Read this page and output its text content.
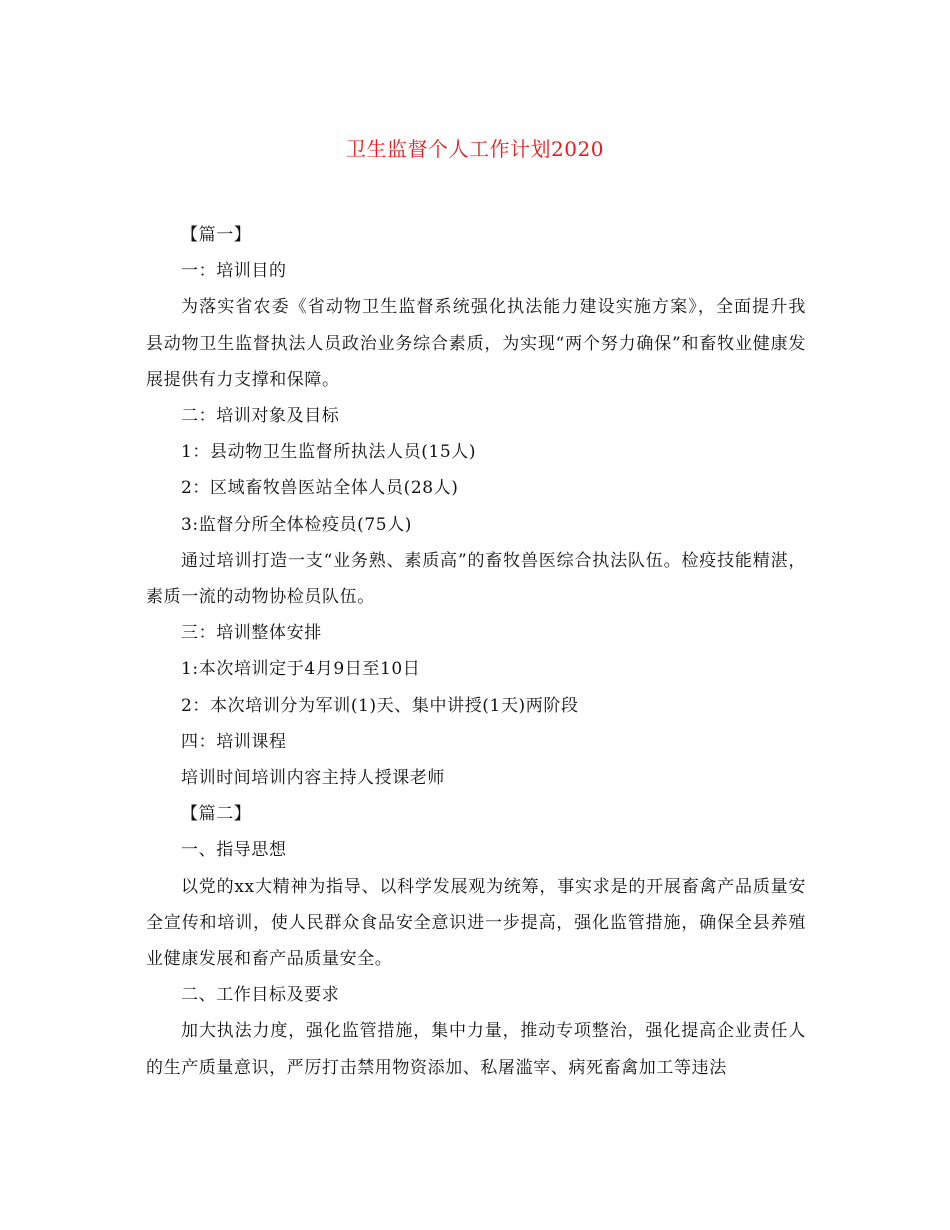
卫生监督个人工作计划2020

【篇一】

一：培训目的

为落实省农委《省动物卫生监督系统强化执法能力建设实施方案》，全面提升我县动物卫生监督执法人员政治业务综合素质，为实现“两个努力确保”和畜牧业健康发展提供有力支撑和保障。

二：培训对象及目标

1：县动物卫生监督所执法人员(15人)

2：区域畜牧兽医站全体人员(28人)

3:监督分所全体检疫员(75人)

通过培训打造一支“业务熟、素质高”的畜牧兽医综合执法队伍。检疫技能精湛，素质一流的动物协检员队伍。

三：培训整体安排

1:本次培训定于4月9日至10日

2：本次培训分为军训(1)天、集中讲授(1天)两阶段

四：培训课程

培训时间培训内容主持人授课老师

【篇二】

一、指导思想

以党的xx大精神为指导、以科学发展观为统筹，事实求是的开展畜禽产品质量安全宣传和培训，使人民群众食品安全意识进一步提高，强化监管措施，确保全县养殖业健康发展和畜产品质量安全。

二、工作目标及要求

加大执法力度，强化监管措施，集中力量，推动专项整治，强化提高企业责任人的生产质量意识，严厉打击禁用物资添加、私屠滥宰、病死畜禽加工等违法
